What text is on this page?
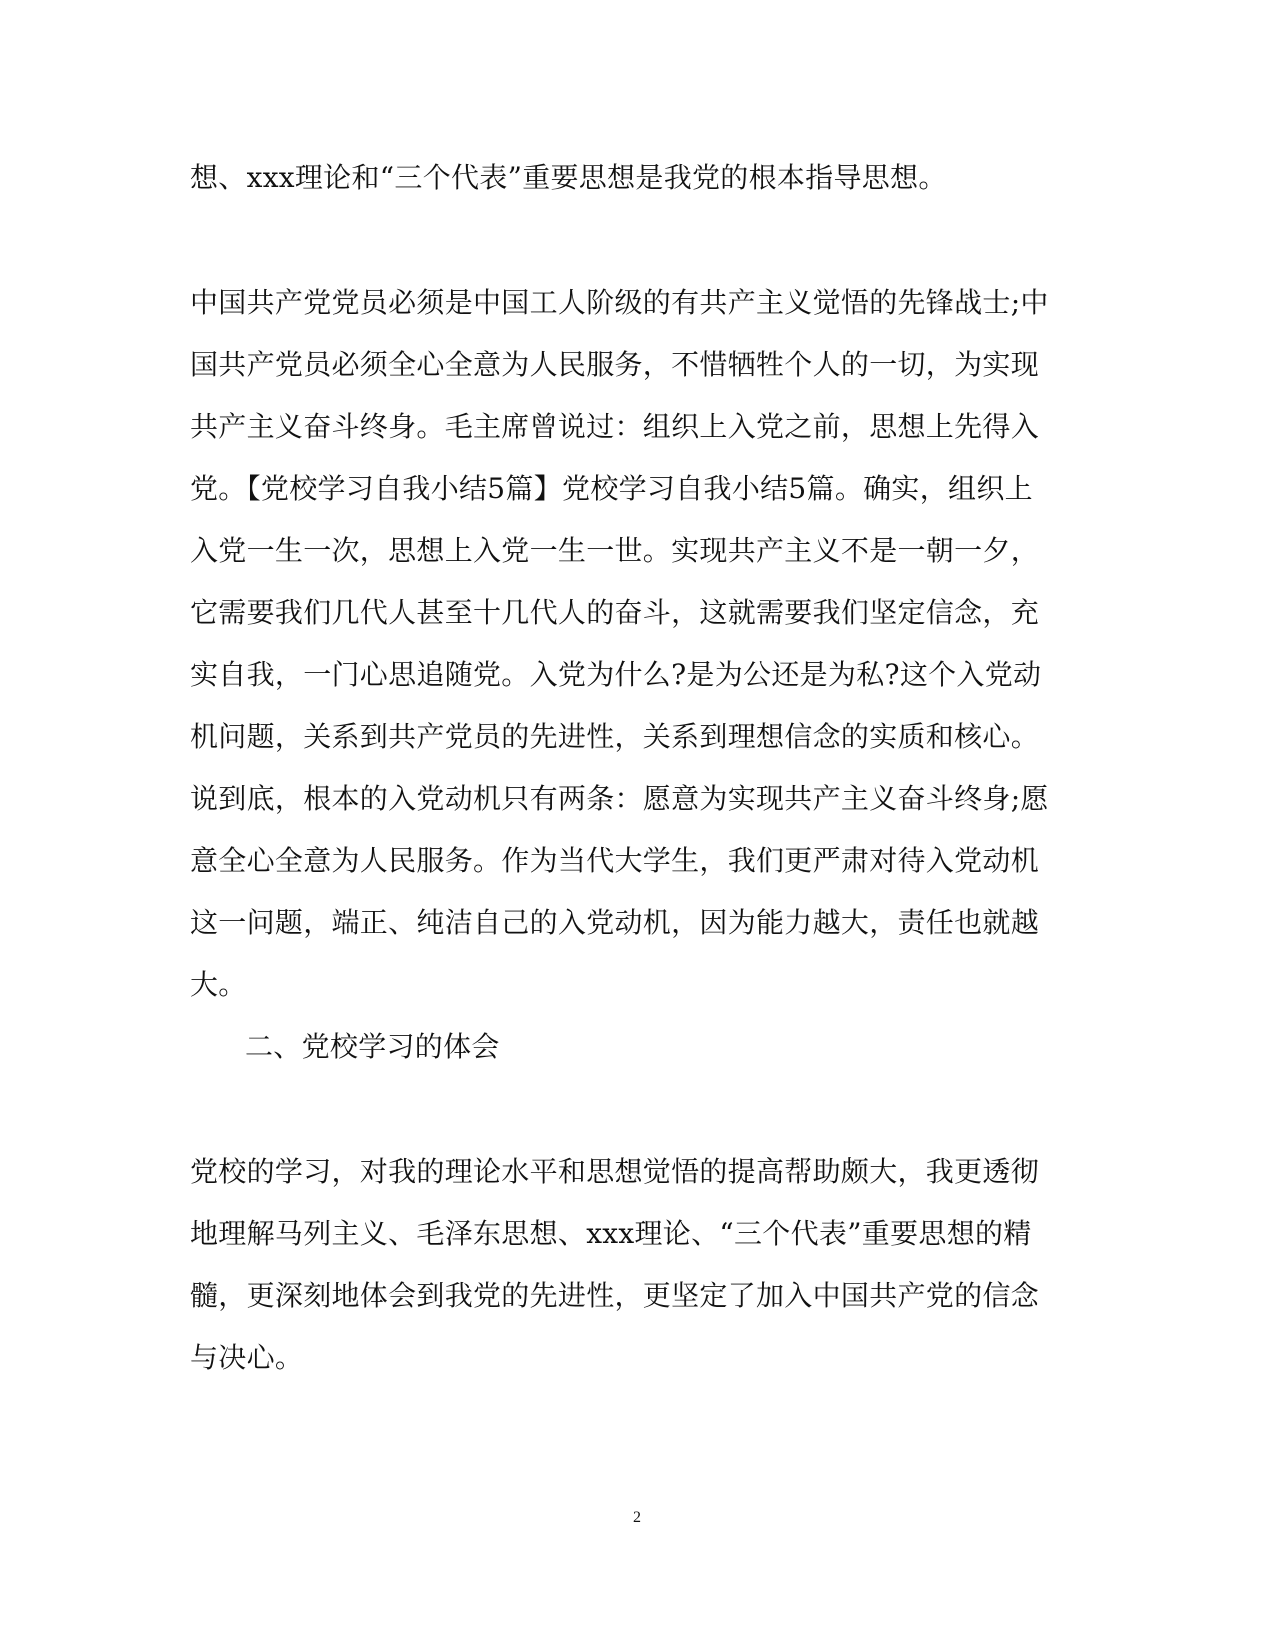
想、xxx理论和“三个代表”重要思想是我党的根本指导思想。
中国共产党党员必须是中国工人阶级的有共产主义觉悟的先锋战士;中
国共产党员必须全心全意为人民服务，不惜牺牲个人的一切，为实现
共产主义奋斗终身。毛主席曾说过：组织上入党之前，思想上先得入
党。【党校学习自我小结5篇】党校学习自我小结5篇。确实，组织上
入党一生一次，思想上入党一生一世。实现共产主义不是一朝一夕，
它需要我们几代人甚至十几代人的奋斗，这就需要我们坚定信念，充
实自我，一门心思追随党。入党为什么?是为公还是为私?这个入党动
机问题，关系到共产党员的先进性，关系到理想信念的实质和核心。
说到底，根本的入党动机只有两条：愿意为实现共产主义奋斗终身;愿
意全心全意为人民服务。作为当代大学生，我们更严肃对待入党动机
这一问题，端正、纯洁自己的入党动机，因为能力越大，责任也就越
大。
二、党校学习的体会
党校的学习，对我的理论水平和思想觉悟的提高帮助颇大，我更透彻
地理解马列主义、毛泽东思想、xxx理论、“三个代表”重要思想的精
髓，更深刻地体会到我党的先进性，更坚定了加入中国共产党的信念
与决心。
2
